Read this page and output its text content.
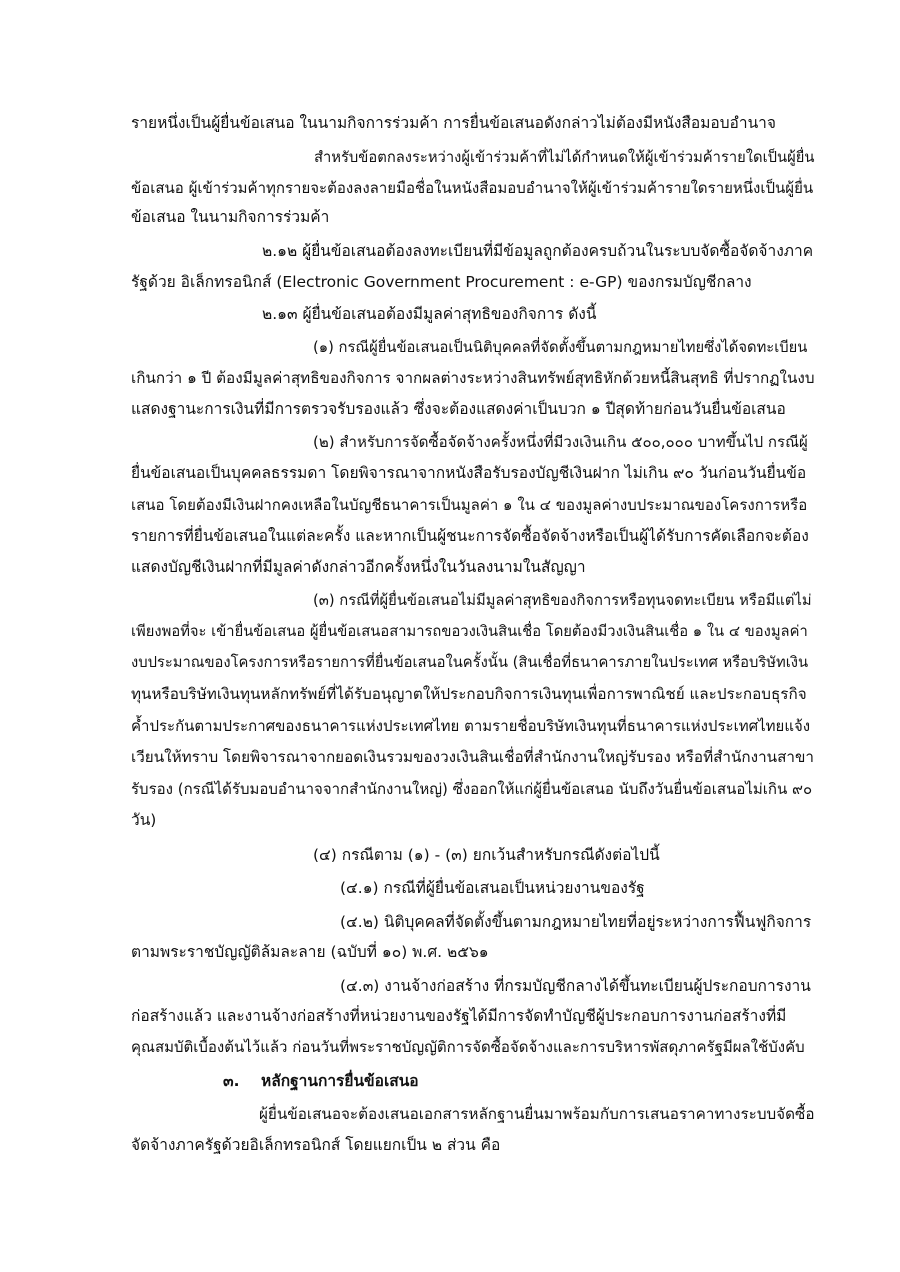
รายหนึ่งเป็นผู้ยื่นข้อเสนอ ในนามกิจการร่วมค้า การยื่นข้อเสนอดังกล่าวไม่ต้องมีหนังสือมอบอำนาจ
สำหรับข้อตกลงระหว่างผู้เข้าร่วมค้าที่ไม่ได้กำหนดให้ผู้เข้าร่วมค้ารายใดเป็นผู้ยื่น
ข้อเสนอ ผู้เข้าร่วมค้าทุกรายจะต้องลงลายมือชื่อในหนังสือมอบอำนาจให้ผู้เข้าร่วมค้ารายใดรายหนึ่งเป็นผู้ยื่น
ข้อเสนอ ในนามกิจการร่วมค้า
๒.๑๒ ผู้ยื่นข้อเสนอต้องลงทะเบียนที่มีข้อมูลถูกต้องครบถ้วนในระบบจัดซื้อจัดจ้างภาค
รัฐด้วย อิเล็กทรอนิกส์ (Electronic Government Procurement : e-GP) ของกรมบัญชีกลาง
๒.๑๓ ผู้ยื่นข้อเสนอต้องมีมูลค่าสุทธิของกิจการ ดังนี้
(๑) กรณีผู้ยื่นข้อเสนอเป็นนิติบุคคลที่จัดตั้งขึ้นตามกฎหมายไทยซึ่งได้จดทะเบียน
เกินกว่า ๑ ปี ต้องมีมูลค่าสุทธิของกิจการ จากผลต่างระหว่างสินทรัพย์สุทธิหักด้วยหนี้สินสุทธิ ที่ปรากฏในงบ
แสดงฐานะการเงินที่มีการตรวจรับรองแล้ว ซึ่งจะต้องแสดงค่าเป็นบวก ๑ ปีสุดท้ายก่อนวันยื่นข้อเสนอ
(๒) สำหรับการจัดซื้อจัดจ้างครั้งหนึ่งที่มีวงเงินเกิน ๕๐๐,๐๐๐ บาทขึ้นไป กรณีผู้
ยื่นข้อเสนอเป็นบุคคลธรรมดา โดยพิจารณาจากหนังสือรับรองบัญชีเงินฝาก ไม่เกิน ๙๐ วันก่อนวันยื่นข้อ
เสนอ โดยต้องมีเงินฝากคงเหลือในบัญชีธนาคารเป็นมูลค่า ๑ ใน ๔ ของมูลค่างบประมาณของโครงการหรือ
รายการที่ยื่นข้อเสนอในแต่ละครั้ง และหากเป็นผู้ชนะการจัดซื้อจัดจ้างหรือเป็นผู้ได้รับการคัดเลือกจะต้อง
แสดงบัญชีเงินฝากที่มีมูลค่าดังกล่าวอีกครั้งหนึ่งในวันลงนามในสัญญา
(๓) กรณีที่ผู้ยื่นข้อเสนอไม่มีมูลค่าสุทธิของกิจการหรือทุนจดทะเบียน หรือมีแต่ไม่
เพียงพอที่จะ เข้ายื่นข้อเสนอ ผู้ยื่นข้อเสนอสามารถขอวงเงินสินเชื่อ โดยต้องมีวงเงินสินเชื่อ ๑ ใน ๔ ของมูลค่า
งบประมาณของโครงการหรือรายการที่ยื่นข้อเสนอในครั้งนั้น (สินเชื่อที่ธนาคารภายในประเทศ หรือบริษัทเงิน
ทุนหรือบริษัทเงินทุนหลักทรัพย์ที่ได้รับอนุญาตให้ประกอบกิจการเงินทุนเพื่อการพาณิชย์ และประกอบธุรกิจ
ค้ำประกันตามประกาศของธนาคารแห่งประเทศไทย ตามรายชื่อบริษัทเงินทุนที่ธนาคารแห่งประเทศไทยแจ้ง
เวียนให้ทราบ โดยพิจารณาจากยอดเงินรวมของวงเงินสินเชื่อที่สำนักงานใหญ่รับรอง หรือที่สำนักงานสาขา
รับรอง (กรณีได้รับมอบอำนาจจากสำนักงานใหญ่) ซึ่งออกให้แก่ผู้ยื่นข้อเสนอ นับถึงวันยื่นข้อเสนอไม่เกิน ๙๐
วัน)
(๔) กรณีตาม (๑) - (๓) ยกเว้นสำหรับกรณีดังต่อไปนี้
(๔.๑) กรณีที่ผู้ยื่นข้อเสนอเป็นหน่วยงานของรัฐ
(๔.๒) นิติบุคคลที่จัดตั้งขึ้นตามกฎหมายไทยที่อยู่ระหว่างการฟื้นฟูกิจการ
ตามพระราชบัญญัติล้มละลาย (ฉบับที่ ๑๐) พ.ศ. ๒๕๖๑
(๔.๓) งานจ้างก่อสร้าง ที่กรมบัญชีกลางได้ขึ้นทะเบียนผู้ประกอบการงาน
ก่อสร้างแล้ว และงานจ้างก่อสร้างที่หน่วยงานของรัฐได้มีการจัดทำบัญชีผู้ประกอบการงานก่อสร้างที่มี
คุณสมบัติเบื้องต้นไว้แล้ว ก่อนวันที่พระราชบัญญัติการจัดซื้อจัดจ้างและการบริหารพัสดุภาครัฐมีผลใช้บังคับ
๓. หลักฐานการยื่นข้อเสนอ
ผู้ยื่นข้อเสนอจะต้องเสนอเอกสารหลักฐานยื่นมาพร้อมกับการเสนอราคาทางระบบจัดซื้อ
จัดจ้างภาครัฐด้วยอิเล็กทรอนิกส์ โดยแยกเป็น ๒ ส่วน คือ
